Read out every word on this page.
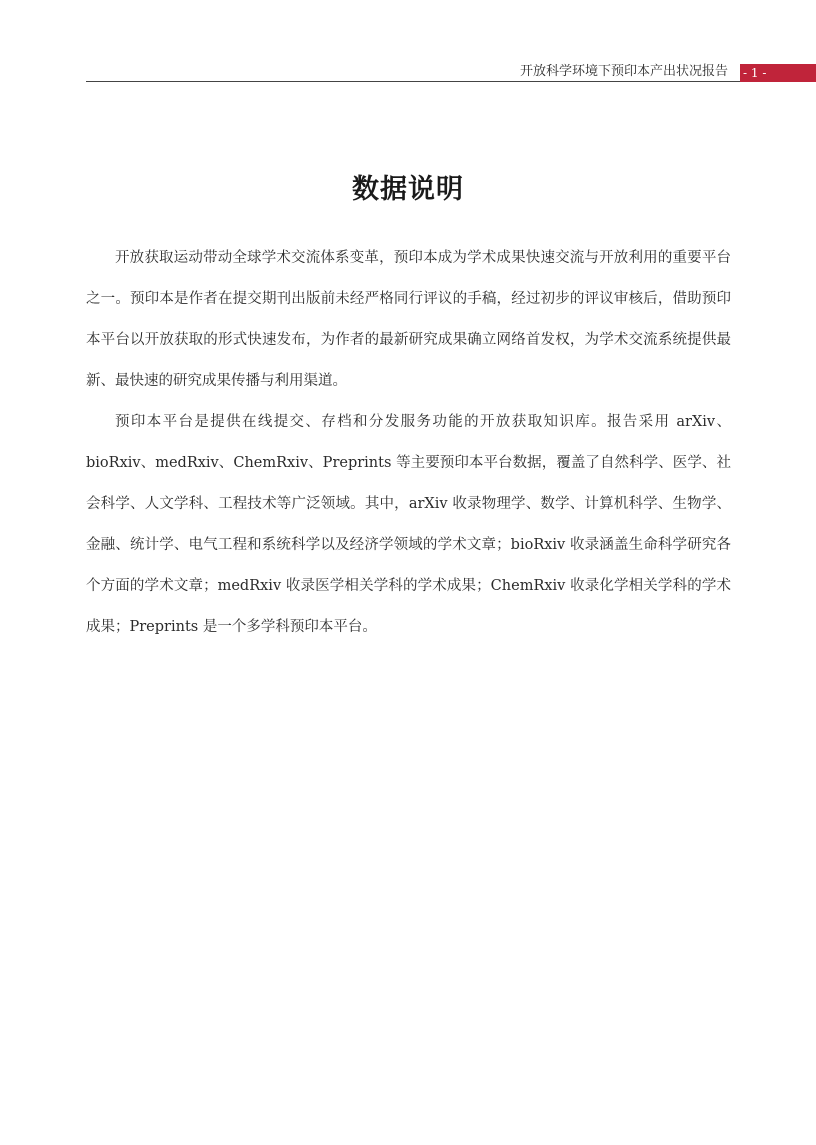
开放科学环境下预印本产出状况报告 - 1 -
数据说明

开放获取运动带动全球学术交流体系变革，预印本成为学术成果快速交流与开放利用的重要平台之一。预印本是作者在提交期刊出版前未经严格同行评议的手稿，经过初步的评议审核后，借助预印本平台以开放获取的形式快速发布，为作者的最新研究成果确立网络首发权，为学术交流系统提供最新、最快速的研究成果传播与利用渠道。

预印本平台是提供在线提交、存档和分发服务功能的开放获取知识库。报告采用 arXiv、bioRxiv、medRxiv、ChemRxiv、Preprints 等主要预印本平台数据，覆盖了自然科学、医学、社会科学、人文学科、工程技术等广泛领域。其中，arXiv 收录物理学、数学、计算机科学、生物学、金融、统计学、电气工程和系统科学以及经济学领域的学术文章；bioRxiv 收录涵盖生命科学研究各个方面的学术文章；medRxiv 收录医学相关学科的学术成果；ChemRxiv 收录化学相关学科的学术成果；Preprints 是一个多学科预印本平台。
